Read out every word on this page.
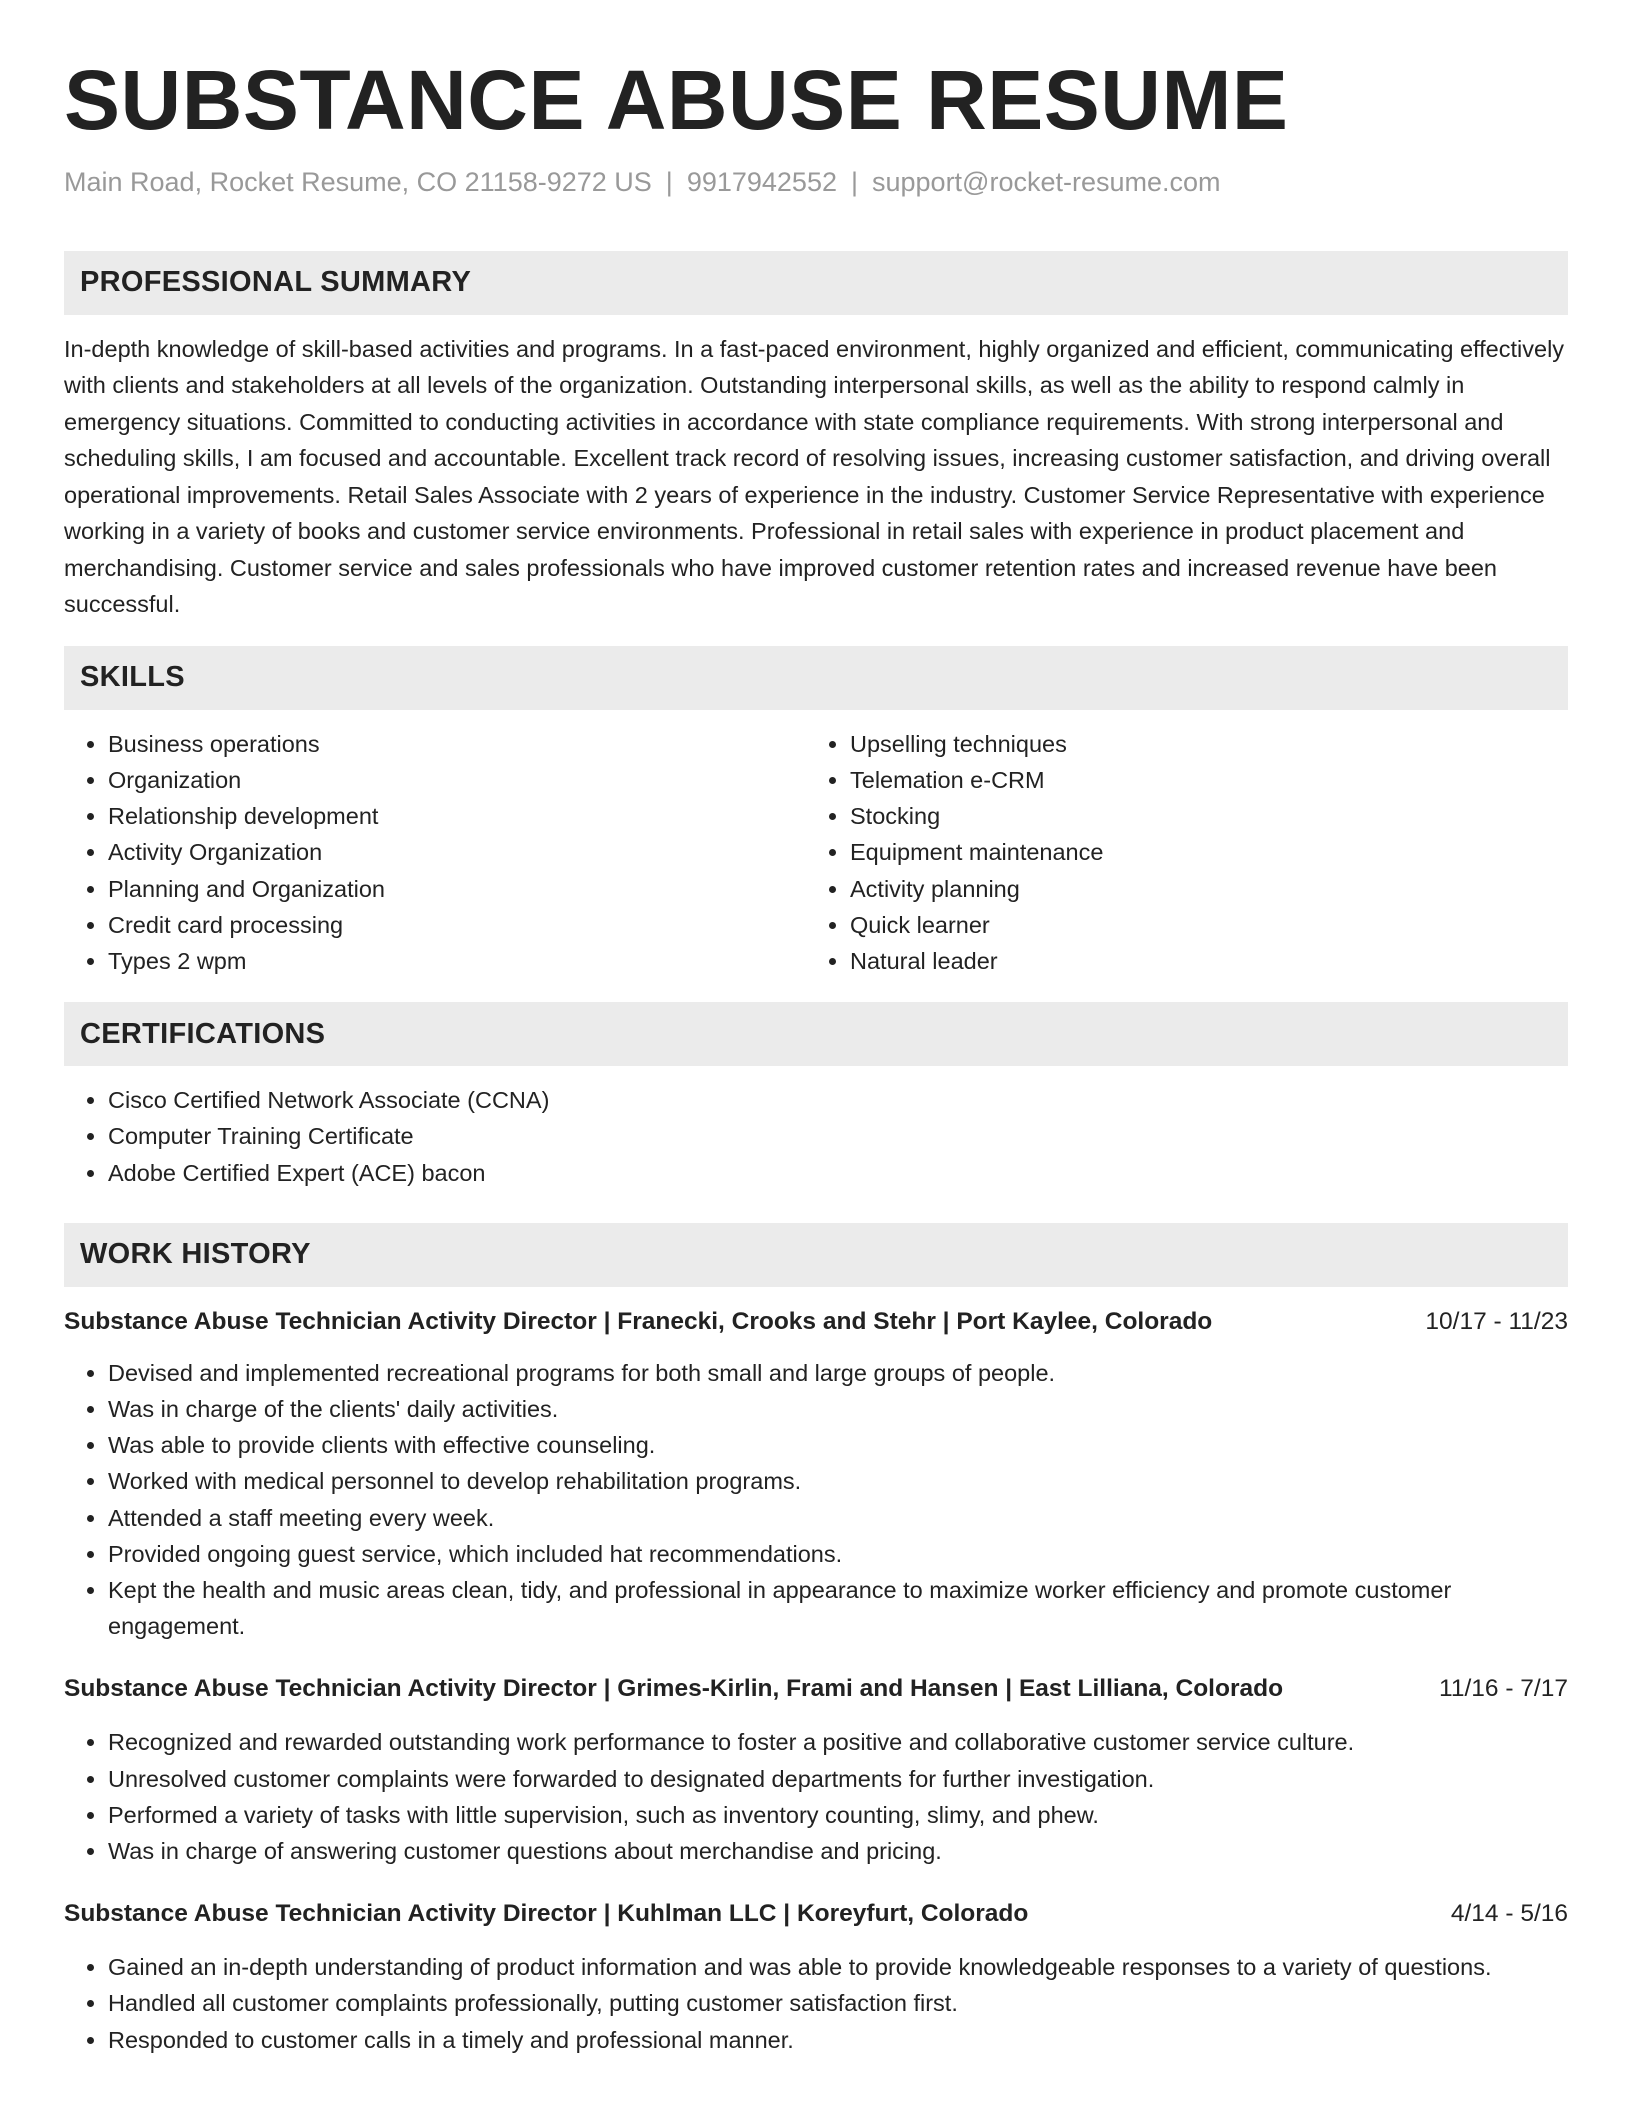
SUBSTANCE ABUSE RESUME
Main Road, Rocket Resume, CO 21158-9272 US | 9917942552 | support@rocket-resume.com
PROFESSIONAL SUMMARY

In-depth knowledge of skill-based activities and programs. In a fast-paced environment, highly organized and efficient, communicating effectively with clients and stakeholders at all levels of the organization. Outstanding interpersonal skills, as well as the ability to respond calmly in emergency situations. Committed to conducting activities in accordance with state compliance requirements. With strong interpersonal and scheduling skills, I am focused and accountable. Excellent track record of resolving issues, increasing customer satisfaction, and driving overall operational improvements. Retail Sales Associate with 2 years of experience in the industry. Customer Service Representative with experience working in a variety of books and customer service environments. Professional in retail sales with experience in product placement and merchandising. Customer service and sales professionals who have improved customer retention rates and increased revenue have been successful.

SKILLS
• Business operations
• Organization
• Relationship development
• Activity Organization
• Planning and Organization
• Credit card processing
• Types 2 wpm
• Upselling techniques
• Telemation e-CRM
• Stocking
• Equipment maintenance
• Activity planning
• Quick learner
• Natural leader
CERTIFICATIONS
• Cisco Certified Network Associate (CCNA)
• Computer Training Certificate
• Adobe Certified Expert (ACE) bacon
WORK HISTORY
Substance Abuse Technician Activity Director | Franecki, Crooks and Stehr | Port Kaylee, Colorado	10/17 - 11/23
• Devised and implemented recreational programs for both small and large groups of people.
• Was in charge of the clients' daily activities.
• Was able to provide clients with effective counseling.
• Worked with medical personnel to develop rehabilitation programs.
• Attended a staff meeting every week.
• Provided ongoing guest service, which included hat recommendations.
• Kept the health and music areas clean, tidy, and professional in appearance to maximize worker efficiency and promote customer engagement.
Substance Abuse Technician Activity Director | Grimes-Kirlin, Frami and Hansen | East Lilliana, Colorado	11/16 - 7/17
• Recognized and rewarded outstanding work performance to foster a positive and collaborative customer service culture.
• Unresolved customer complaints were forwarded to designated departments for further investigation.
• Performed a variety of tasks with little supervision, such as inventory counting, slimy, and phew.
• Was in charge of answering customer questions about merchandise and pricing.
Substance Abuse Technician Activity Director | Kuhlman LLC | Koreyfurt, Colorado	4/14 - 5/16
• Gained an in-depth understanding of product information and was able to provide knowledgeable responses to a variety of questions.
• Handled all customer complaints professionally, putting customer satisfaction first.
• Responded to customer calls in a timely and professional manner.
